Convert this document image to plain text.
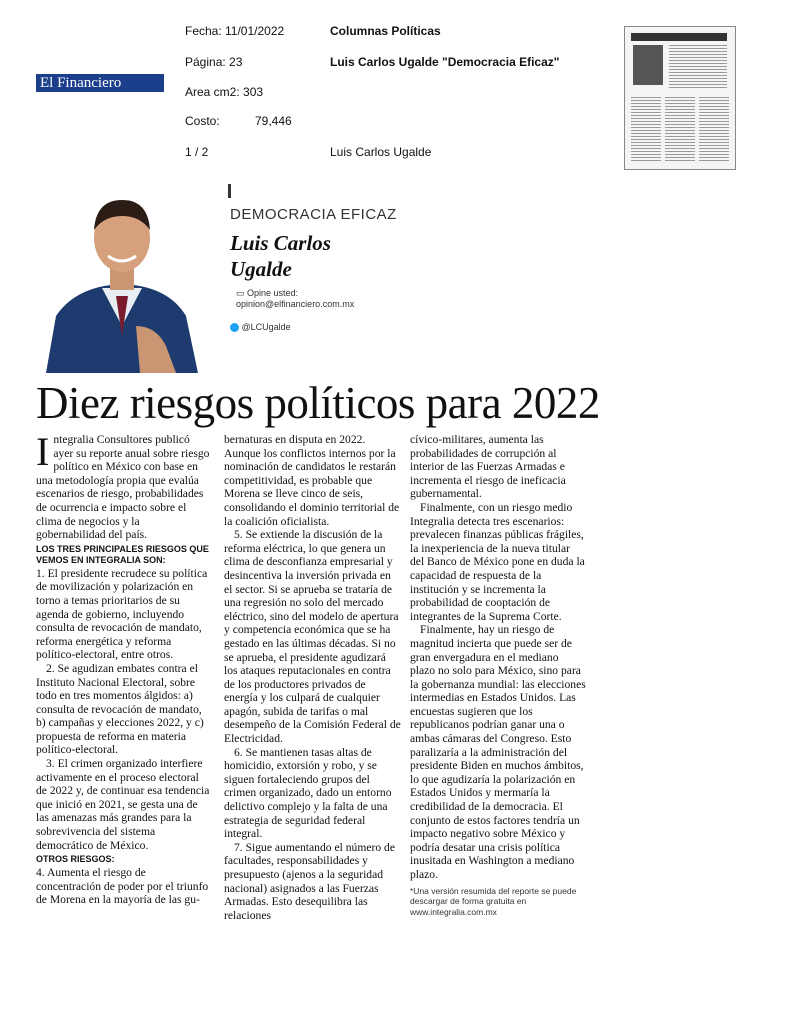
Fecha: 11/01/2022
Página: 23
Area cm2: 303
Costo:	79,446
1 / 2
Columnas Políticas
Luis Carlos Ugalde "Democracia Eficaz"
Luis Carlos Ugalde
El Financiero
DEMOCRACIA EFICAZ
Luis Carlos
Ugalde
▭ Opine usted:
opinion@elfinanciero.com.mx
@LCUgalde
Diez riesgos políticos para 2022

Integralia Consultores publicó ayer su reporte anual sobre riesgo político en México con base en una metodología propia que evalúa escenarios de riesgo, probabilidades de ocurrencia e impacto sobre el clima de negocios y la gobernabilidad del país.

LOS TRES PRINCIPALES RIESGOS QUE VEMOS EN INTEGRALIA SON:

1. El presidente recrudece su política de movilización y polarización en torno a temas prioritarios de su agenda de gobierno, incluyendo consulta de revocación de mandato, reforma energética y reforma político-electoral, entre otros.

2. Se agudizan embates contra el Instituto Nacional Electoral, sobre todo en tres momentos álgidos: a) consulta de revocación de mandato, b) campañas y elecciones 2022, y c) propuesta de reforma en materia político-electoral.

3. El crimen organizado interfiere activamente en el proceso electoral de 2022 y, de continuar esa tendencia que inició en 2021, se gesta una de las amenazas más grandes para la sobrevivencia del sistema democrático de México.

OTROS RIESGOS:

4. Aumenta el riesgo de concentración de poder por el triunfo de Morena en la mayoría de las gu-

bernaturas en disputa en 2022. Aunque los conflictos internos por la nominación de candidatos le restarán competitividad, es probable que Morena se lleve cinco de seis, consolidando el dominio territorial de la coalición oficialista.

5. Se extiende la discusión de la reforma eléctrica, lo que genera un clima de desconfianza empresarial y desincentiva la inversión privada en el sector. Si se aprueba se trataría de una regresión no solo del mercado eléctrico, sino del modelo de apertura y competencia económica que se ha gestado en las últimas décadas. Si no se aprueba, el presidente agudizará los ataques reputacionales en contra de los productores privados de energía y los culpará de cualquier apagón, subida de tarifas o mal desempeño de la Comisión Federal de Electricidad.

6. Se mantienen tasas altas de homicidio, extorsión y robo, y se siguen fortaleciendo grupos del crimen organizado, dado un entorno delictivo complejo y la falta de una estrategia de seguridad federal integral.

7. Sigue aumentando el número de facultades, responsabilidades y presupuesto (ajenos a la seguridad nacional) asignados a las Fuerzas Armadas. Esto desequilibra las relaciones

cívico-militares, aumenta las probabilidades de corrupción al interior de las Fuerzas Armadas e incrementa el riesgo de ineficacia gubernamental.

Finalmente, con un riesgo medio Integralia detecta tres escenarios: prevalecen finanzas públicas frágiles, la inexperiencia de la nueva titular del Banco de México pone en duda la capacidad de respuesta de la institución y se incrementa la probabilidad de cooptación de integrantes de la Suprema Corte.

Finalmente, hay un riesgo de magnitud incierta que puede ser de gran envergadura en el mediano plazo no solo para México, sino para la gobernanza mundial: las elecciones intermedias en Estados Unidos. Las encuestas sugieren que los republicanos podrían ganar una o ambas cámaras del Congreso. Esto paralizaría a la administración del presidente Biden en muchos ámbitos, lo que agudizaría la polarización en Estados Unidos y mermaría la credibilidad de la democracia. El conjunto de estos factores tendría un impacto negativo sobre México y podría desatar una crisis política inusitada en Washington a mediano plazo.

*Una versión resumida del reporte se puede descargar de forma gratuita en www.integralia.com.mx
